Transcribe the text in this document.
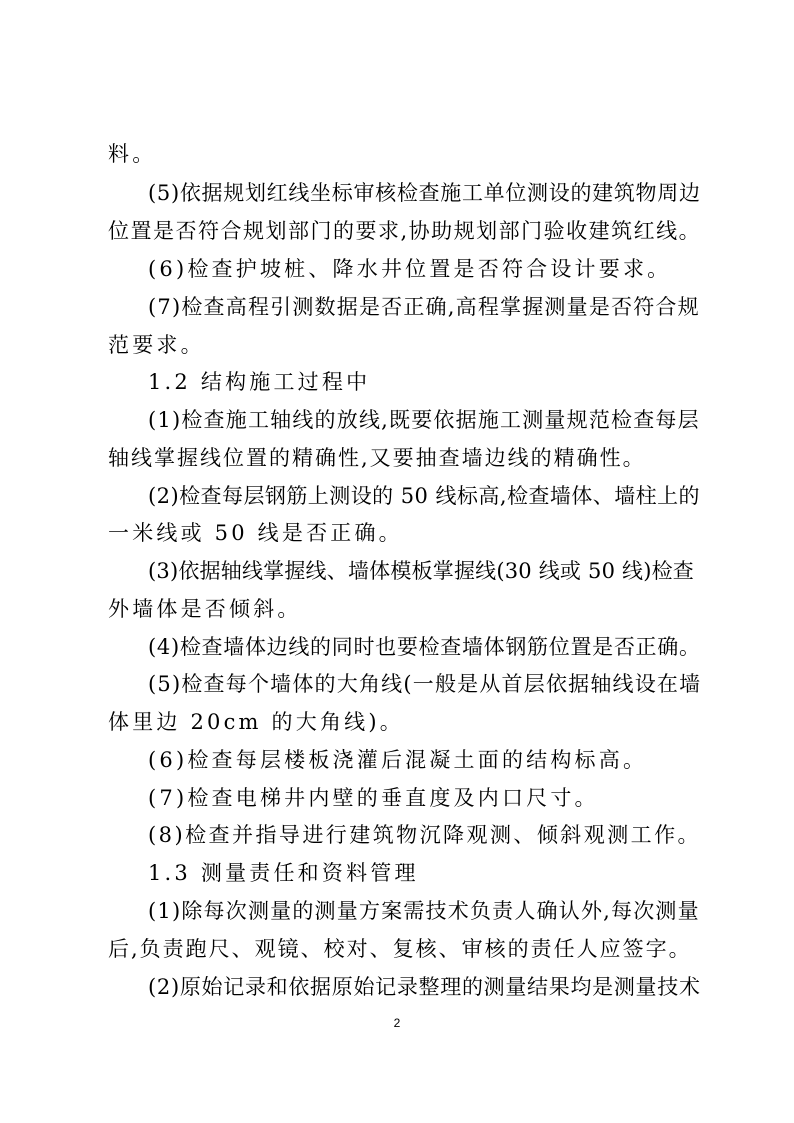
料。
(5)依据规划红线坐标审核检查施工单位测设的建筑物周边
位置是否符合规划部门的要求,协助规划部门验收建筑红线。
(6)检查护坡桩、降水井位置是否符合设计要求。
(7)检查高程引测数据是否正确,高程掌握测量是否符合规
范要求。
1.2 结构施工过程中
(1)检查施工轴线的放线,既要依据施工测量规范检查每层
轴线掌握线位置的精确性,又要抽查墙边线的精确性。
(2)检查每层钢筋上测设的 50 线标高,检查墙体、墙柱上的
一米线或 50 线是否正确。
(3)依据轴线掌握线、墙体模板掌握线(30 线或 50 线)检查
外墙体是否倾斜。
(4)检查墙体边线的同时也要检查墙体钢筋位置是否正确。
(5)检查每个墙体的大角线(一般是从首层依据轴线设在墙
体里边 20cm 的大角线)。
(6)检查每层楼板浇灌后混凝土面的结构标高。
(7)检查电梯井内壁的垂直度及内口尺寸。
(8)检查并指导进行建筑物沉降观测、倾斜观测工作。
1.3 测量责任和资料管理
(1)除每次测量的测量方案需技术负责人确认外,每次测量
后,负责跑尺、观镜、校对、复核、审核的责任人应签字。
(2)原始记录和依据原始记录整理的测量结果均是测量技术
2
